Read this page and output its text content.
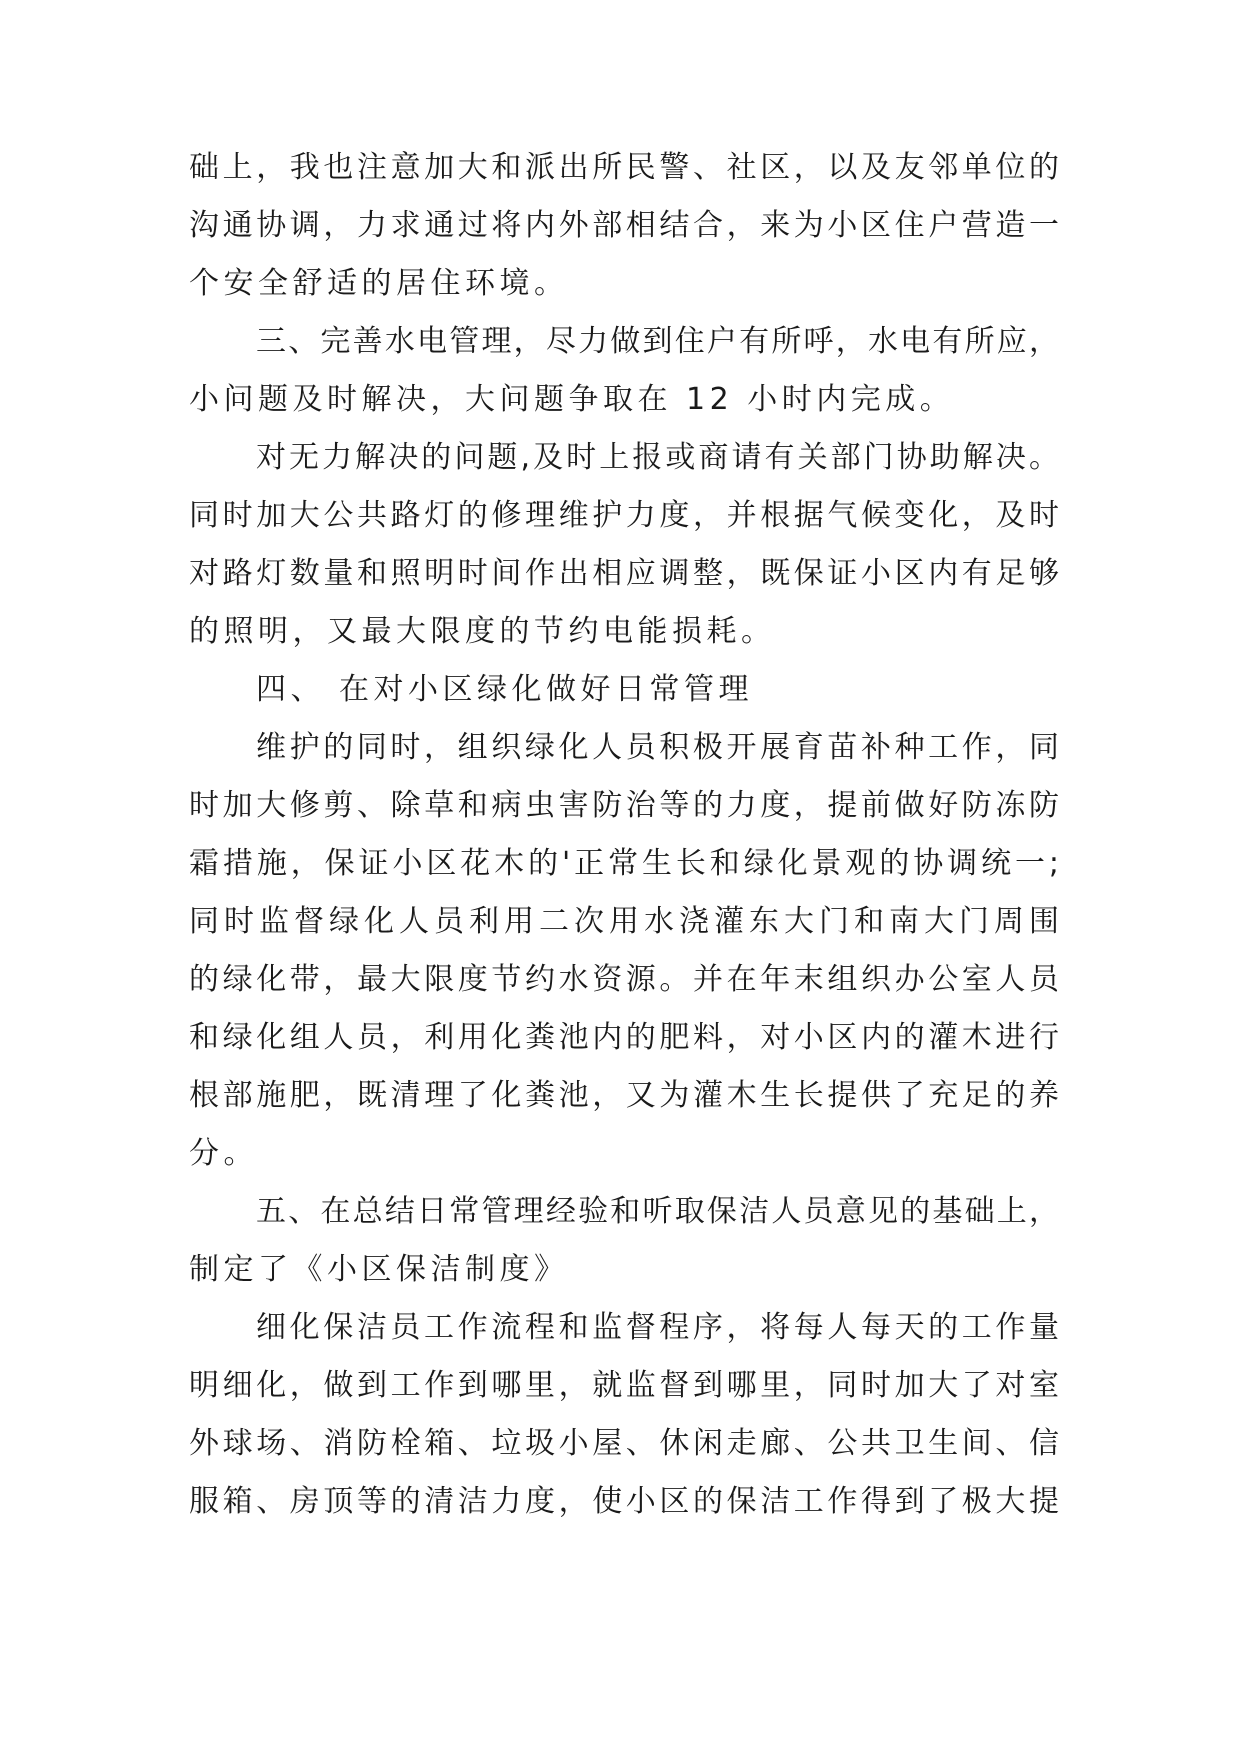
础上，我也注意加大和派出所民警、社区，以及友邻单位的
沟通协调，力求通过将内外部相结合，来为小区住户营造一
个安全舒适的居住环境。
三、完善水电管理，尽力做到住户有所呼，水电有所应，
小问题及时解决，大问题争取在 12 小时内完成。
对无力解决的问题,及时上报或商请有关部门协助解决。
同时加大公共路灯的修理维护力度，并根据气候变化，及时
对路灯数量和照明时间作出相应调整，既保证小区内有足够
的照明，又最大限度的节约电能损耗。
四、 在对小区绿化做好日常管理
维护的同时，组织绿化人员积极开展育苗补种工作，同
时加大修剪、除草和病虫害防治等的力度，提前做好防冻防
霜措施，保证小区花木的'正常生长和绿化景观的协调统一;
同时监督绿化人员利用二次用水浇灌东大门和南大门周围
的绿化带，最大限度节约水资源。并在年末组织办公室人员
和绿化组人员，利用化粪池内的肥料，对小区内的灌木进行
根部施肥，既清理了化粪池，又为灌木生长提供了充足的养
分。
五、在总结日常管理经验和听取保洁人员意见的基础上，
制定了《小区保洁制度》
细化保洁员工作流程和监督程序，将每人每天的工作量
明细化，做到工作到哪里，就监督到哪里，同时加大了对室
外球场、消防栓箱、垃圾小屋、休闲走廊、公共卫生间、信
服箱、房顶等的清洁力度，使小区的保洁工作得到了极大提
